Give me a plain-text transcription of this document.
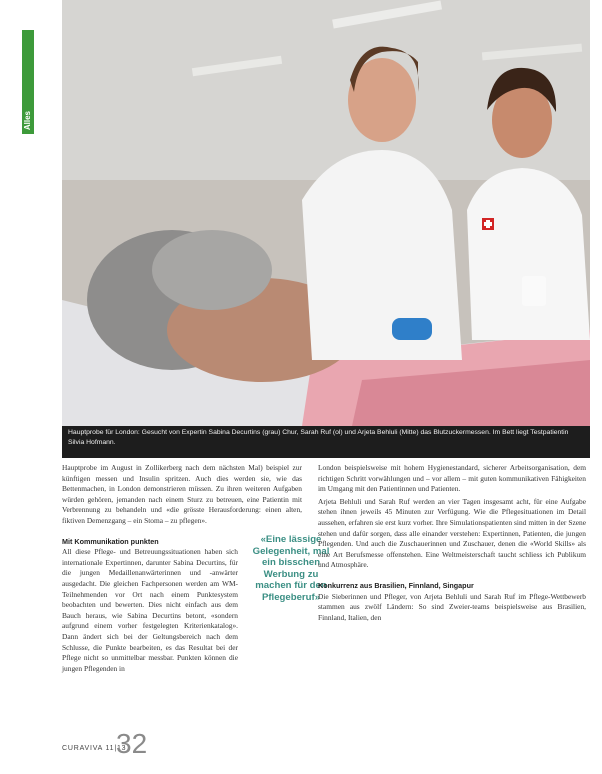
Alles
Hauptprobe für London: Gesucht von Expertin Sabina Decurtins (grau) Chur, Sarah Ruf (ol) und Arjeta Behluli (Mitte) das Blutzuckermessen. Im Bett liegt Testpatientin Silvia Hofmann.

Hauptprobe im August in Zollikerberg nach dem nächsten Mal) beispiel zur künftigen messen und Insulin spritzen. Auch dies werden sie, wie das Bettenmachen, in London demonstrieren müssen. Zu ihren weiteren Aufgaben würden gehören, jemanden nach einem Sturz zu betreuen, eine Patientin mit Verbrennung zu behandeln und «die grösste Herausforderung: einen alten, fiktiven Demenzgang – ein Stoma – zu pflegen».

Mit Kommunikation punkten

All diese Pflege- und Betreuungssituationen haben sich internationale Expertinnen, darunter Sabina Decurtins, für die jungen Medaillenanwärterinnen und -anwärter ausgedacht. Die gleichen Fachpersonen werden am WM-Teilnehmenden vor Ort nach einem Punktesystem beobachten und bewerten. Dies nicht einfach aus dem Bauch heraus, wie Sabina Decurtins betont, «sondern aufgrund einem vorher festgelegten Kriterienkatalog». Dann ändert sich bei der Geltungsbereich nach dem Schlusse, die Punkte bearbeiten, es das Resultat bei der Pflege nicht so unmittelbar messbar. Punkten können die jungen Pflegenden in

«Eine lässige Gelegenheit, mal ein bisschen Werbung zu machen für den Pflegeberuf»

London beispielsweise mit hohem Hygienestandard, sicherer Arbeitsorganisation, dem richtigen Schritt vorwählungen und – vor allem – mit guten kommunikativen Fähigkeiten im Umgang mit den Patientinnen und Patienten.

Arjeta Behluli und Sarah Ruf werden an vier Tagen insgesamt acht, für eine Aufgabe stehen ihnen jeweils 45 Minuten zur Verfügung. Wie die Pflegesituationen im Detail aussehen, erfahren sie erst kurz vorher. Ihre Simulationspatienten sind mitten in der Szene stehen und dafür sorgen, dass alle einander verstehen: Expertinnen, Patienten, die jungen Pflegenden. Und auch die Zuschauerinnen und Zuschauer, denen die «World Skills» als eine Art Berufsmesse offenstehen. Eine Weltmeisterschaft taucht schliess ich Publikum und Atmosphäre.

Konkurrenz aus Brasilien, Finnland, Singapur

Die Sieberinnen und Pfleger, von Arjeta Behluli und Sarah Ruf im Pflege-Wettbewerb stammen aus zwölf Ländern: So sind Zweier-teams beispielsweise aus Brasilien, Finnland, Italien, den

CURAVIVA 11|13
32
